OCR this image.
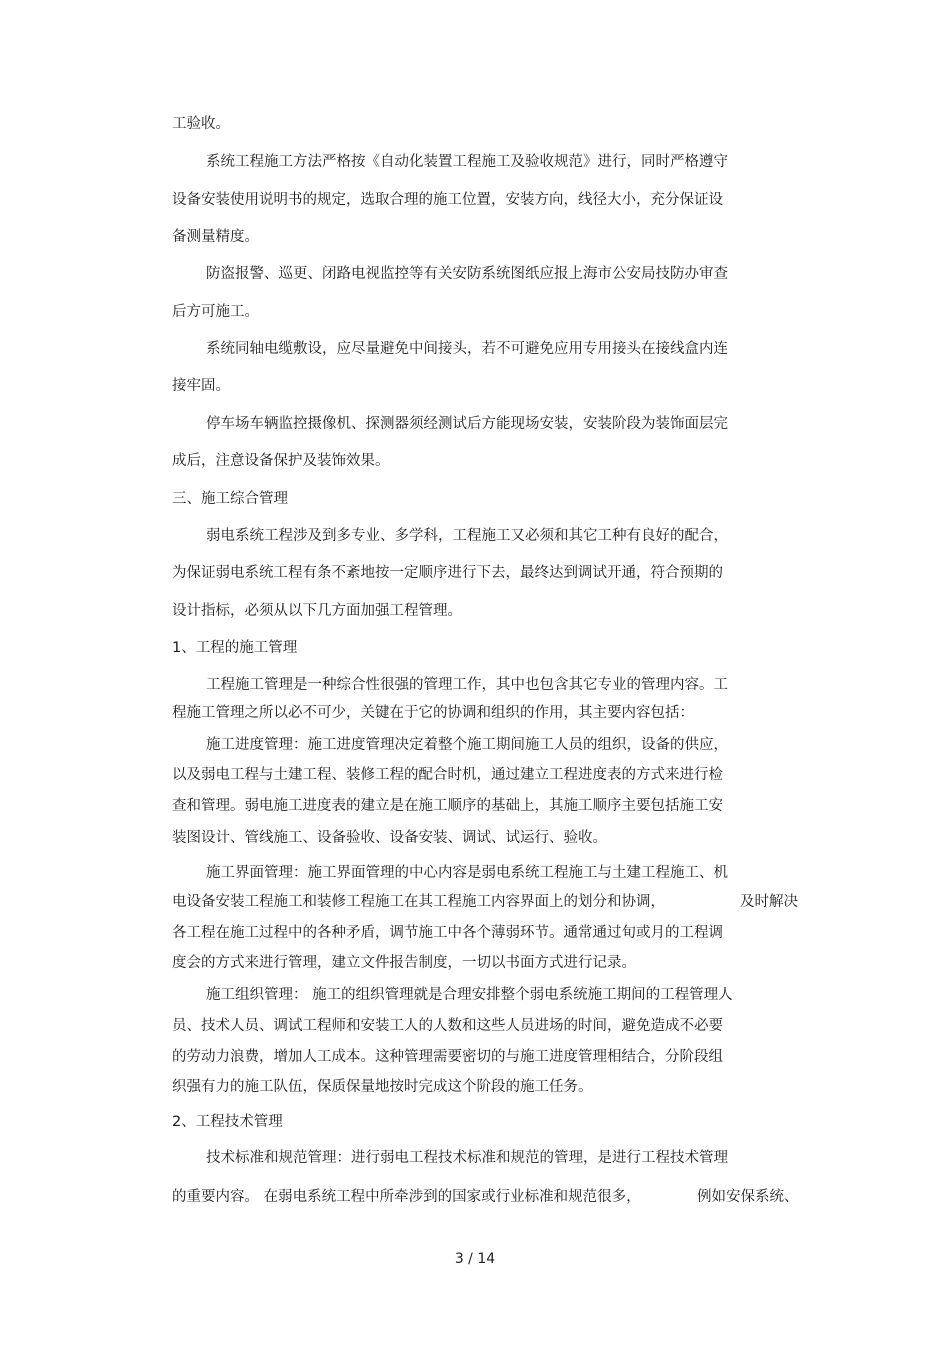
工验收。
系统工程施工方法严格按《自动化装置工程施工及验收规范》进行，同时严格遵守
设备安装使用说明书的规定，选取合理的施工位置，安装方向，线径大小，充分保证设
备测量精度。
防盗报警、巡更、闭路电视监控等有关安防系统图纸应报上海市公安局技防办审查
后方可施工。
系统同轴电缆敷设，应尽量避免中间接头，若不可避免应用专用接头在接线盒内连
接牢固。
停车场车辆监控摄像机、探测器须经测试后方能现场安装，安装阶段为装饰面层完
成后，注意设备保护及装饰效果。
三、施工综合管理
弱电系统工程涉及到多专业、多学科，工程施工又必须和其它工种有良好的配合，
为保证弱电系统工程有条不紊地按一定顺序进行下去，最终达到调试开通，符合预期的
设计指标，必须从以下几方面加强工程管理。
1、工程的施工管理
工程施工管理是一种综合性很强的管理工作，其中也包含其它专业的管理内容。工
程施工管理之所以必不可少，关键在于它的协调和组织的作用，其主要内容包括：
施工进度管理：施工进度管理决定着整个施工期间施工人员的组织，设备的供应，
以及弱电工程与土建工程、装修工程的配合时机，通过建立工程进度表的方式来进行检
查和管理。弱电施工进度表的建立是在施工顺序的基础上，其施工顺序主要包括施工安
装图设计、管线施工、设备验收、设备安装、调试、试运行、验收。
施工界面管理：施工界面管理的中心内容是弱电系统工程施工与土建工程施工、机
电设备安装工程施工和装修工程施工在其工程施工内容界面上的划分和协调，	及时解决
各工程在施工过程中的各种矛盾，调节施工中各个薄弱环节。通常通过旬或月的工程调
度会的方式来进行管理，建立文件报告制度，一切以书面方式进行记录。
施工组织管理： 施工的组织管理就是合理安排整个弱电系统施工期间的工程管理人
员、技术人员、调试工程师和安装工人的人数和这些人员进场的时间，避免造成不必要
的劳动力浪费，增加人工成本。这种管理需要密切的与施工进度管理相结合，分阶段组
织强有力的施工队伍，保质保量地按时完成这个阶段的施工任务。
2、工程技术管理
技术标准和规范管理：进行弱电工程技术标准和规范的管理，是进行工程技术管理
的重要内容。 在弱电系统工程中所牵涉到的国家或行业标准和规范很多，	例如安保系统、
3 / 14
